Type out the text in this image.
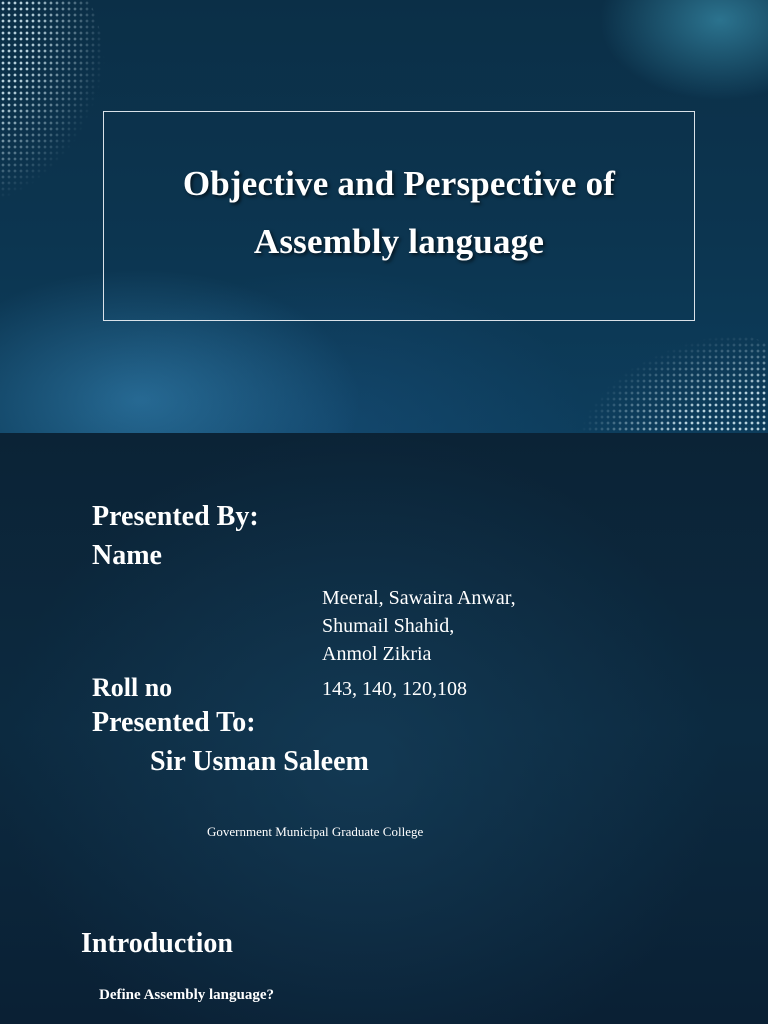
Objective and Perspective of
Assembly language
Presented By:
Name
Meeral, Sawaira Anwar,
Shumail Shahid,
Anmol Zikria
Roll no	143, 140, 120,108
Presented To:
Sir Usman Saleem
Government Municipal Graduate College
Introduction
Define Assembly language?
